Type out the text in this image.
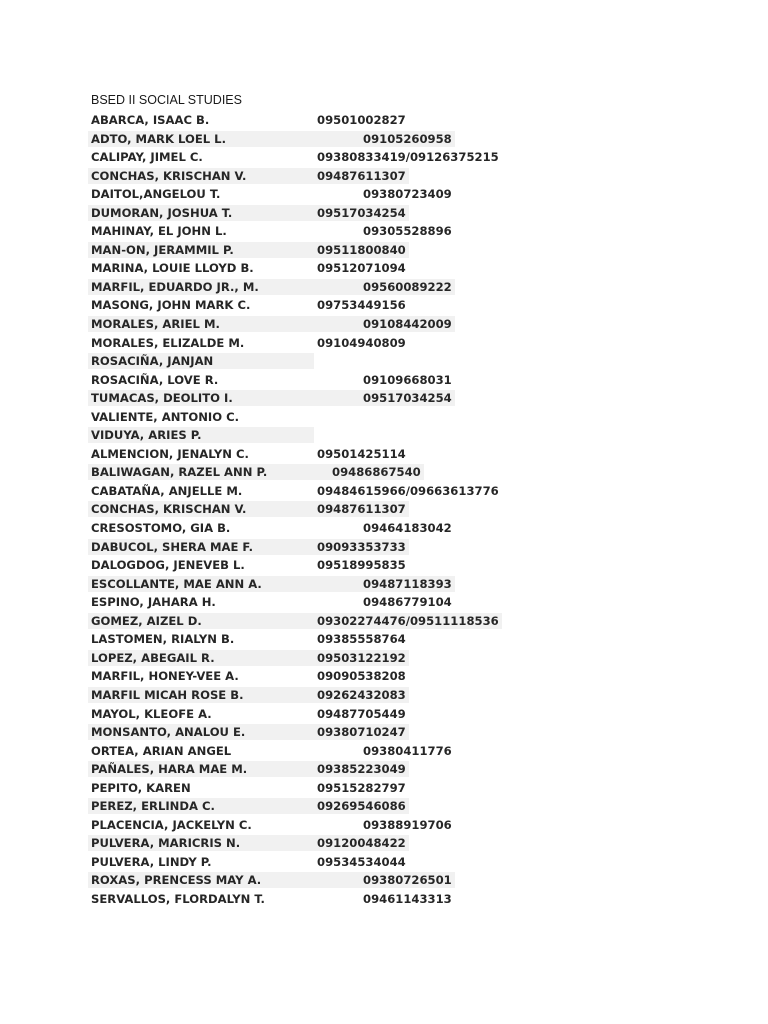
BSED II SOCIAL STUDIES
ABARCA, ISAAC B.	09501002827
ADTO, MARK LOEL L.	09105260958
CALIPAY, JIMEL C.	09380833419/09126375215
CONCHAS, KRISCHAN V.	09487611307
DAITOL,ANGELOU T.	09380723409
DUMORAN, JOSHUA T.	09517034254
MAHINAY, EL JOHN L.	09305528896
MAN-ON, JERAMMIL P.	09511800840
MARINA, LOUIE LLOYD B.	09512071094
MARFIL, EDUARDO JR., M.	09560089222
MASONG, JOHN MARK C.	09753449156
MORALES, ARIEL M.	09108442009
MORALES, ELIZALDE M.	09104940809
ROSACIÑA, JANJAN
ROSACIÑA, LOVE R.	09109668031
TUMACAS, DEOLITO I.	09517034254
VALIENTE, ANTONIO C.
VIDUYA, ARIES P.
ALMENCION, JENALYN C.	09501425114
BALIWAGAN, RAZEL ANN P.	09486867540
CABATAÑA, ANJELLE M.	09484615966/09663613776
CONCHAS, KRISCHAN V.	09487611307
CRESOSTOMO, GIA B.	09464183042
DABUCOL, SHERA MAE F.	09093353733
DALOGDOG, JENEVEB L.	09518995835
ESCOLLANTE, MAE ANN A.	09487118393
ESPINO, JAHARA H.	09486779104
GOMEZ, AIZEL D.	09302274476/09511118536
LASTOMEN, RIALYN B.	09385558764
LOPEZ, ABEGAIL R.	09503122192
MARFIL, HONEY-VEE A.	09090538208
MARFIL MICAH ROSE B.	09262432083
MAYOL, KLEOFE A.	09487705449
MONSANTO, ANALOU E.	09380710247
ORTEA, ARIAN ANGEL	09380411776
PAÑALES, HARA MAE M.	09385223049
PEPITO, KAREN	09515282797
PEREZ, ERLINDA C.	09269546086
PLACENCIA, JACKELYN C.	09388919706
PULVERA, MARICRIS N.	09120048422
PULVERA, LINDY P.	09534534044
ROXAS, PRENCESS MAY A.	09380726501
SERVALLOS, FLORDALYN T.	09461143313
